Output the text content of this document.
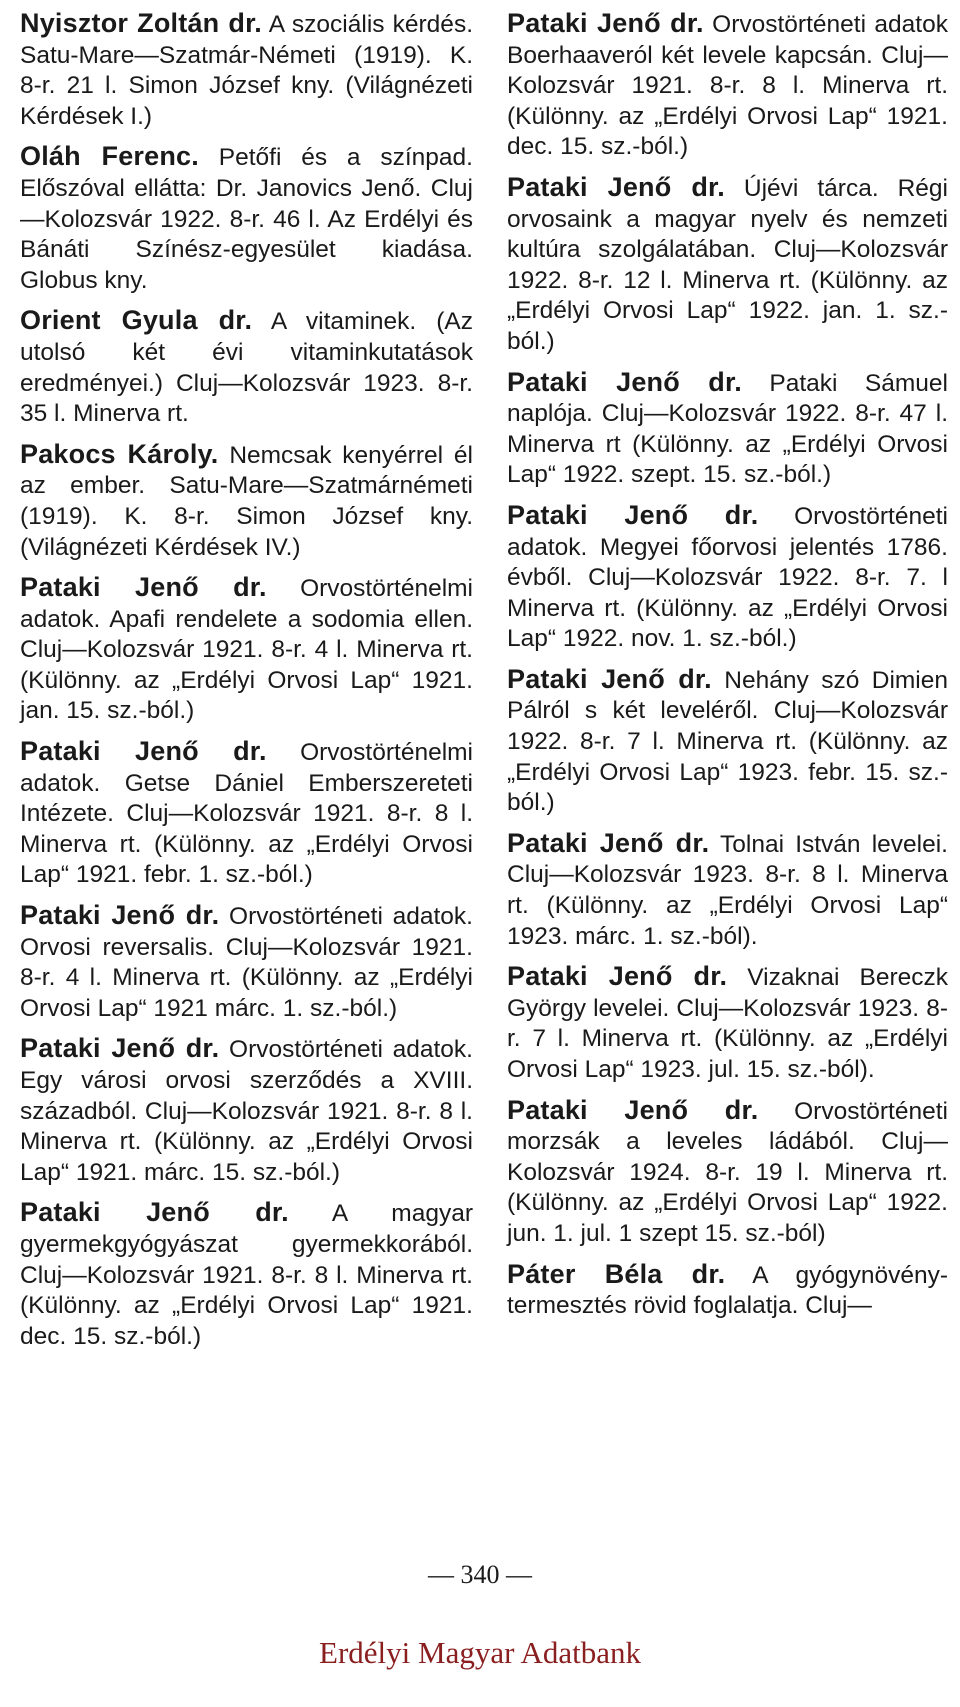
Nyisztor Zoltán dr. A szociális kérdés. Satu-Mare—Szatmár-Németi (1919). K. 8-r. 21 l. Simon József kny. (Világnézeti Kérdések I.)

Oláh Ferenc. Petőfi és a színpad. Előszóval ellátta: Dr. Janovics Jenő. Cluj—Kolozsvár 1922. 8-r. 46 l. Az Erdélyi és Bánáti Színész-egyesület kiadása. Globus kny.

Orient Gyula dr. A vitaminek. (Az utolsó két évi vitaminkutatások eredményei.) Cluj—Kolozsvár 1923. 8-r. 35 l. Minerva rt.

Pakocs Károly. Nemcsak kenyérrel él az ember. Satu-Mare—Szatmárnémeti (1919). K. 8-r. Simon József kny. (Világnézeti Kérdések IV.)

Pataki Jenő dr. Orvostörténelmi adatok. Apafi rendelete a sodomia ellen. Cluj—Kolozsvár 1921. 8-r. 4 l. Minerva rt. (Különny. az „Erdélyi Orvosi Lap“ 1921. jan. 15. sz.-ból.)

Pataki Jenő dr. Orvostörténelmi adatok. Getse Dániel Emberszereteti Intézete. Cluj—Kolozsvár 1921. 8-r. 8 l. Minerva rt. (Különny. az „Erdélyi Orvosi Lap“ 1921. febr. 1. sz.-ból.)

Pataki Jenő dr. Orvostörténeti adatok. Orvosi reversalis. Cluj—Kolozsvár 1921. 8-r. 4 l. Minerva rt. (Különny. az „Erdélyi Orvosi Lap“ 1921 márc. 1. sz.-ból.)

Pataki Jenő dr. Orvostörténeti adatok. Egy városi orvosi szerződés a XVIII. századból. Cluj—Kolozsvár 1921. 8-r. 8 l. Minerva rt. (Különny. az „Erdélyi Orvosi Lap“ 1921. márc. 15. sz.-ból.)

Pataki Jenő dr. A magyar gyermekgyógyászat gyermekkorából. Cluj—Kolozsvár 1921. 8-r. 8 l. Minerva rt. (Különny. az „Erdélyi Orvosi Lap“ 1921. dec. 15. sz.-ból.)

Pataki Jenő dr. Orvostörténeti adatok Boerhaaveról két levele kapcsán. Cluj—Kolozsvár 1921. 8-r. 8 l. Minerva rt. (Különny. az „Erdélyi Orvosi Lap“ 1921. dec. 15. sz.-ból.)

Pataki Jenő dr. Újévi tárca. Régi orvosaink a magyar nyelv és nemzeti kultúra szolgálatában. Cluj—Kolozsvár 1922. 8-r. 12 l. Minerva rt. (Különny. az „Erdélyi Orvosi Lap“ 1922. jan. 1. sz.-ból.)

Pataki Jenő dr. Pataki Sámuel naplója. Cluj—Kolozsvár 1922. 8-r. 47 l. Minerva rt (Különny. az „Erdélyi Orvosi Lap“ 1922. szept. 15. sz.-ból.)

Pataki Jenő dr. Orvostörténeti adatok. Megyei főorvosi jelentés 1786. évből. Cluj—Kolozsvár 1922. 8-r. 7. l Minerva rt. (Különny. az „Erdélyi Orvosi Lap“ 1922. nov. 1. sz.-ból.)

Pataki Jenő dr. Nehány szó Dimien Pálról s két leveléről. Cluj—Kolozsvár 1922. 8-r. 7 l. Minerva rt. (Különny. az „Erdélyi Orvosi Lap“ 1923. febr. 15. sz.-ból.)

Pataki Jenő dr. Tolnai István levelei. Cluj—Kolozsvár 1923. 8-r. 8 l. Minerva rt. (Különny. az „Erdélyi Orvosi Lap“ 1923. márc. 1. sz.-ból).

Pataki Jenő dr. Vizaknai Bereczk György levelei. Cluj—Kolozsvár 1923. 8-r. 7 l. Minerva rt. (Különny. az „Erdélyi Orvosi Lap“ 1923. jul. 15. sz.-ból).

Pataki Jenő dr. Orvostörténeti morzsák a leveles ládából. Cluj—Kolozsvár 1924. 8-r. 19 l. Minerva rt. (Különny. az „Erdélyi Orvosi Lap“ 1922. jun. 1. jul. 1 szept 15. sz.-ból)

Páter Béla dr. A gyógynövény-termesztés rövid foglalatja. Cluj—

— 340 —
Erdélyi Magyar Adatbank
